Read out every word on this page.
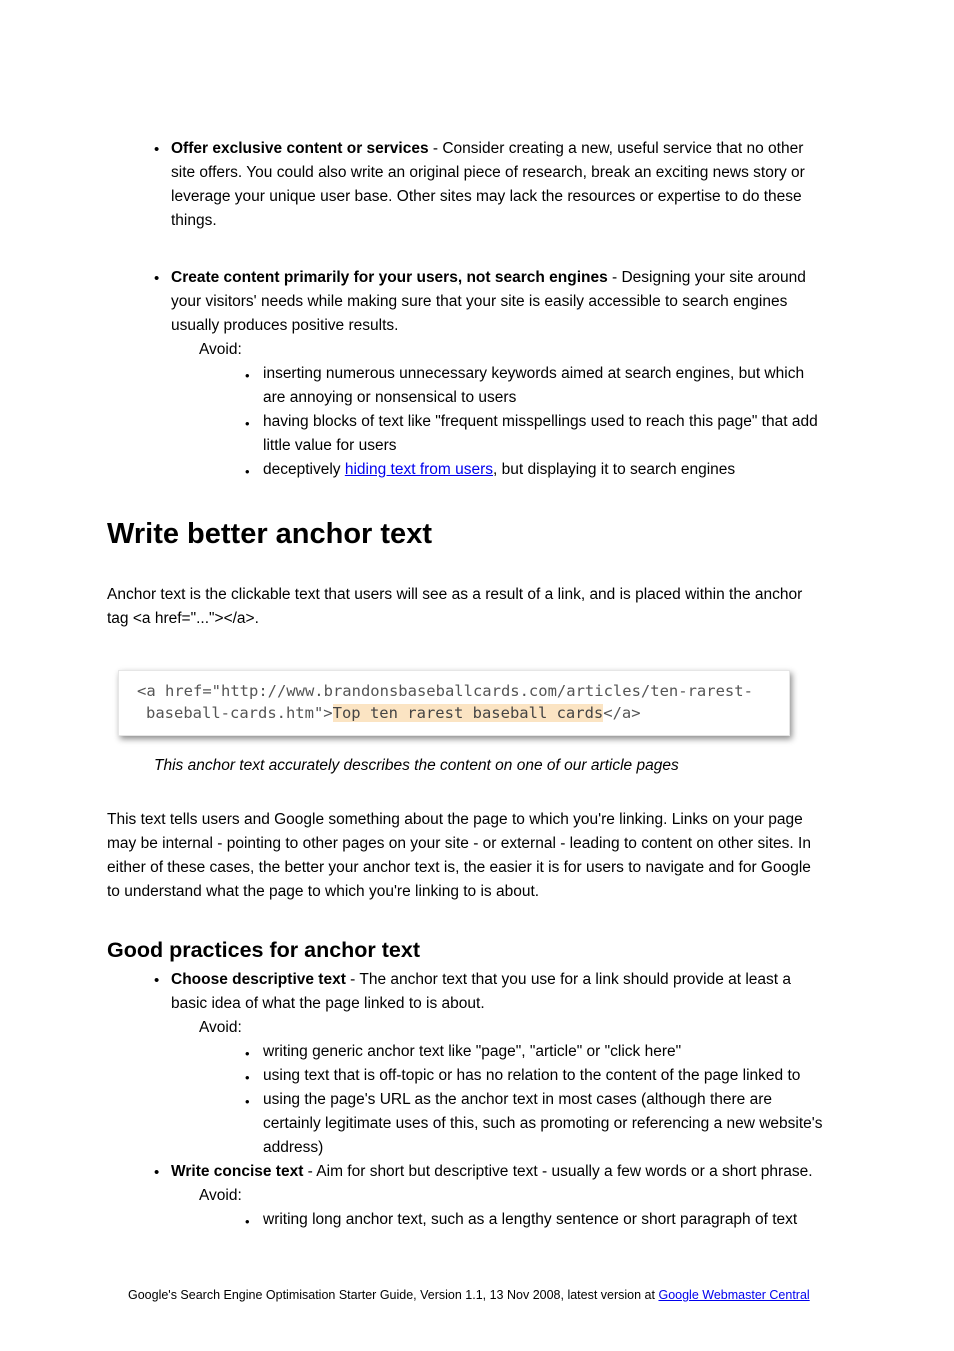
• Offer exclusive content or services - Consider creating a new, useful service that no other
site offers. You could also write an original piece of research, break an exciting news story or
leverage your unique user base. Other sites may lack the resources or expertise to do these
things.
• Create content primarily for your users, not search engines - Designing your site around
your visitors' needs while making sure that your site is easily accessible to search engines
usually produces positive results.
Avoid:
• inserting numerous unnecessary keywords aimed at search engines, but which
are annoying or nonsensical to users
• having blocks of text like "frequent misspellings used to reach this page" that add
little value for users
• deceptively hiding text from users, but displaying it to search engines
Write better anchor text
Anchor text is the clickable text that users will see as a result of a link, and is placed within the anchor
tag <a href="..."></a>.
<a href="http://www.brandonsbaseballcards.com/articles/ten-rarest-
baseball-cards.htm">Top ten rarest baseball cards</a>
This anchor text accurately describes the content on one of our article pages
This text tells users and Google something about the page to which you're linking. Links on your page
may be internal - pointing to other pages on your site - or external - leading to content on other sites. In
either of these cases, the better your anchor text is, the easier it is for users to navigate and for Google
to understand what the page to which you're linking to is about.
Good practices for anchor text
• Choose descriptive text - The anchor text that you use for a link should provide at least a
basic idea of what the page linked to is about.
Avoid:
• writing generic anchor text like "page", "article" or "click here"
• using text that is off-topic or has no relation to the content of the page linked to
• using the page's URL as the anchor text in most cases (although there are
certainly legitimate uses of this, such as promoting or referencing a new website's
address)
• Write concise text - Aim for short but descriptive text - usually a few words or a short phrase.
Avoid:
• writing long anchor text, such as a lengthy sentence or short paragraph of text
Google's Search Engine Optimisation Starter Guide, Version 1.1, 13 Nov 2008, latest version at Google Webmaster Central
